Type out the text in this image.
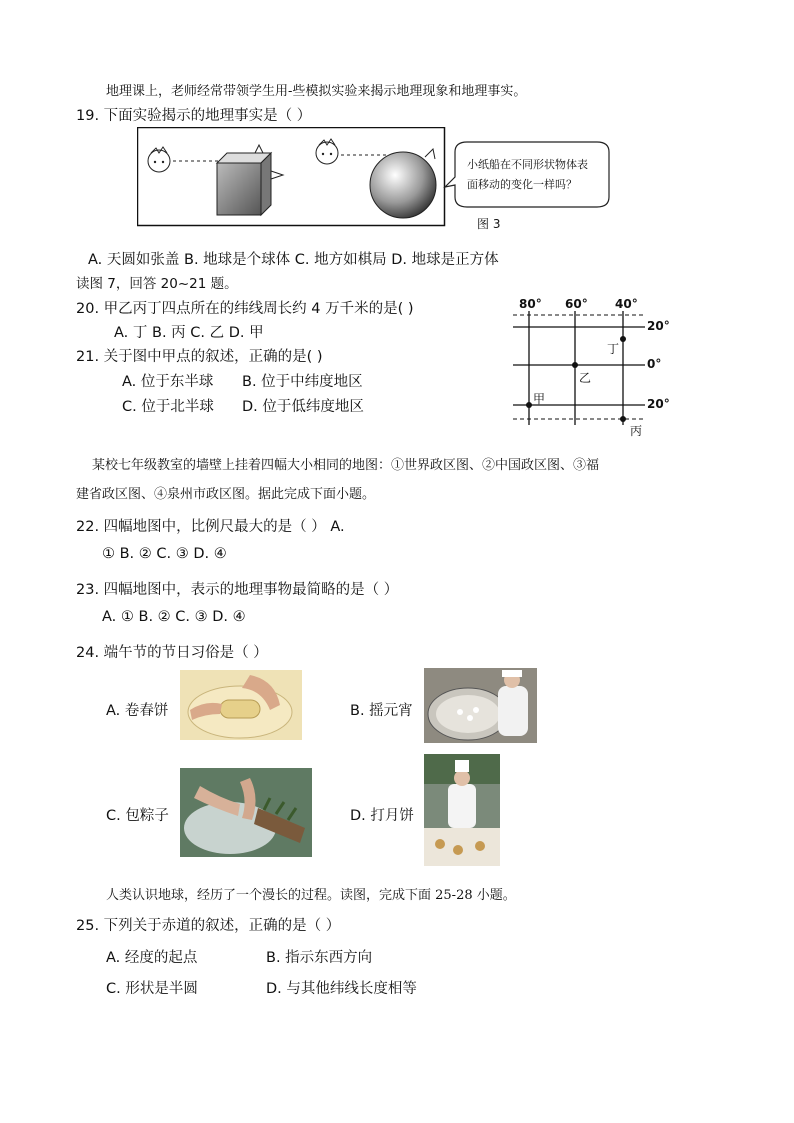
地理课上，老师经常带领学生用-些模拟实验来揭示地理现象和地理事实。
19. 下面实验揭示的地理事实是（ ）
小纸船在不同形状物体表
面移动的变化一样吗？
图 3
A. 天圆如张盖 B. 地球是个球体 C. 地方如棋局 D. 地球是正方体
读图 7，回答 20~21 题。
20. 甲乙丙丁四点所在的纬线周长约 4 万千米的是( )
A. 丁 B. 丙 C. 乙 D. 甲
21. 关于图中甲点的叙述，正确的是( )
A. 位于东半球 B. 位于中纬度地区
C. 位于北半球 D. 位于低纬度地区
80° 60° 40°
20°
0°
20°
丁
乙
甲
丙
某校七年级教室的墙壁上挂着四幅大小相同的地图：①世界政区图、②中国政区图、③福
建省政区图、④泉州市政区图。据此完成下面小题。
22. 四幅地图中，比例尺最大的是（ ） A.
① B. ② C. ③ D. ④
23. 四幅地图中，表示的地理事物最简略的是（ ）
A. ① B. ② C. ③ D. ④
24. 端午节的节日习俗是（ ）
A. 卷春饼	B. 摇元宵
C. 包粽子	D. 打月饼
人类认识地球，经历了一个漫长的过程。读图，完成下面 25-28 小题。
25. 下列关于赤道的叙述，正确的是（ ）
A. 经度的起点	B. 指示东西方向
C. 形状是半圆	D. 与其他纬线长度相等
